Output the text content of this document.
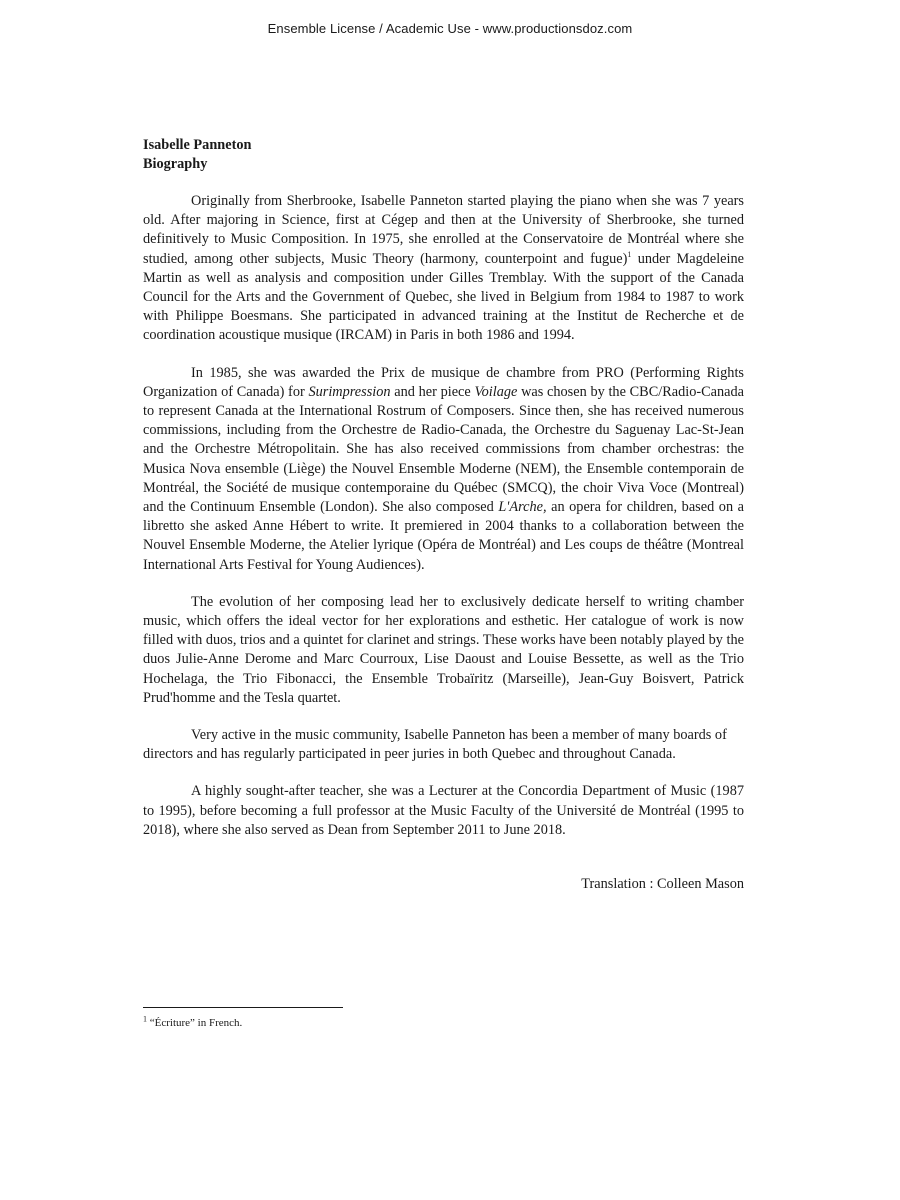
Ensemble License / Academic Use - www.productionsdoz.com

Isabelle Panneton

Biography

Originally from Sherbrooke, Isabelle Panneton started playing the piano when she was 7 years old. After majoring in Science, first at Cégep and then at the University of Sherbrooke, she turned definitively to Music Composition. In 1975, she enrolled at the Conservatoire de Montréal where she studied, among other subjects, Music Theory (harmony, counterpoint and fugue)$^1$ under Magdeleine Martin as well as analysis and composition under Gilles Tremblay. With the support of the Canada Council for the Arts and the Government of Quebec, she lived in Belgium from 1984 to 1987 to work with Philippe Boesmans. She participated in advanced training at the Institut de Recherche et de coordination acoustique musique (IRCAM) in Paris in both 1986 and 1994.

In 1985, she was awarded the Prix de musique de chambre from PRO (Performing Rights Organization of Canada) for Surimpression and her piece Voilage was chosen by the CBC/Radio-Canada to represent Canada at the International Rostrum of Composers. Since then, she has received numerous commissions, including from the Orchestre de Radio-Canada, the Orchestre du Saguenay Lac-St-Jean and the Orchestre Métropolitain. She has also received commissions from chamber orchestras: the Musica Nova ensemble (Liège) the Nouvel Ensemble Moderne (NEM), the Ensemble contemporain de Montréal, the Société de musique contemporaine du Québec (SMCQ), the choir Viva Voce (Montreal) and the Continuum Ensemble (London). She also composed L'Arche, an opera for children, based on a libretto she asked Anne Hébert to write. It premiered in 2004 thanks to a collaboration between the Nouvel Ensemble Moderne, the Atelier lyrique (Opéra de Montréal) and Les coups de théâtre (Montreal International Arts Festival for Young Audiences).

The evolution of her composing lead her to exclusively dedicate herself to writing chamber music, which offers the ideal vector for her explorations and esthetic. Her catalogue of work is now filled with duos, trios and a quintet for clarinet and strings. These works have been notably played by the duos Julie-Anne Derome and Marc Courroux, Lise Daoust and Louise Bessette, as well as the Trio Hochelaga, the Trio Fibonacci, the Ensemble Trobaïritz (Marseille), Jean-Guy Boisvert, Patrick Prud'homme and the Tesla quartet.

Very active in the music community, Isabelle Panneton has been a member of many boards of directors and has regularly participated in peer juries in both Quebec and throughout Canada.

A highly sought-after teacher, she was a Lecturer at the Concordia Department of Music (1987 to 1995), before becoming a full professor at the Music Faculty of the Université de Montréal (1995 to 2018), where she also served as Dean from September 2011 to June 2018.

Translation : Colleen Mason

$^1$ “Écriture” in French.
